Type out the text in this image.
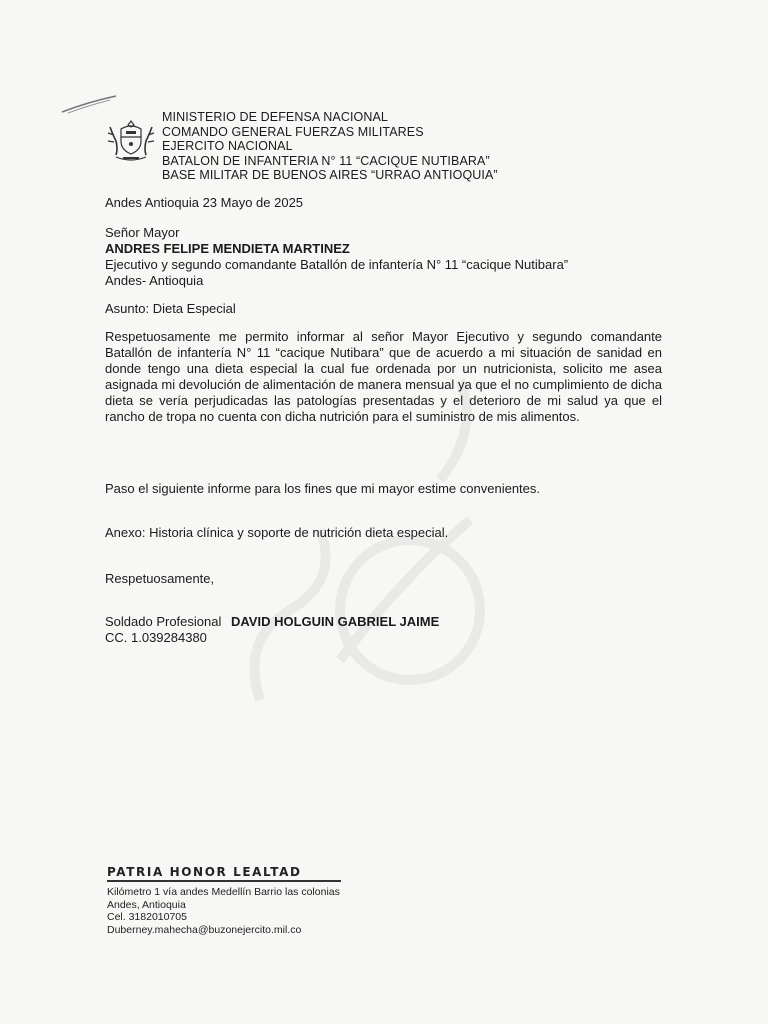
MINISTERIO DE DEFENSA NACIONAL
COMANDO GENERAL FUERZAS MILITARES
EJERCITO NACIONAL
BATALON DE INFANTERIA N° 11 “CACIQUE NUTIBARA”
BASE MILITAR DE BUENOS AIRES “URRAO ANTIOQUIA”
Andes Antioquia 23 Mayo de 2025
Señor Mayor
ANDRES FELIPE MENDIETA MARTINEZ
Ejecutivo y segundo comandante Batallón de infantería N° 11 “cacique Nutibara”
Andes- Antioquia
Asunto: Dieta Especial
Respetuosamente me permito informar al señor Mayor Ejecutivo y segundo comandante Batallón de infantería N° 11 “cacique Nutibara” que de acuerdo a mi situación de sanidad en donde tengo una dieta especial la cual fue ordenada por un nutricionista, solicito me asea asignada mi devolución de alimentación de manera mensual ya que el no cumplimiento de dicha dieta se vería perjudicadas las patologías presentadas y el deterioro de mi salud ya que el rancho de tropa no cuenta con dicha nutrición para el suministro de mis alimentos.
Paso el siguiente informe para los fines que mi mayor estime convenientes.
Anexo: Historia clínica y soporte de nutrición dieta especial.
Respetuosamente,
Soldado Profesional DAVID HOLGUIN GABRIEL JAIME
CC. 1.039284380
PATRIA HONOR LEALTAD
Kilómetro 1 vía andes Medellín Barrio las colonias
Andes, Antioquia
Cel. 3182010705
Duberney.mahecha@buzonejercito.mil.co
